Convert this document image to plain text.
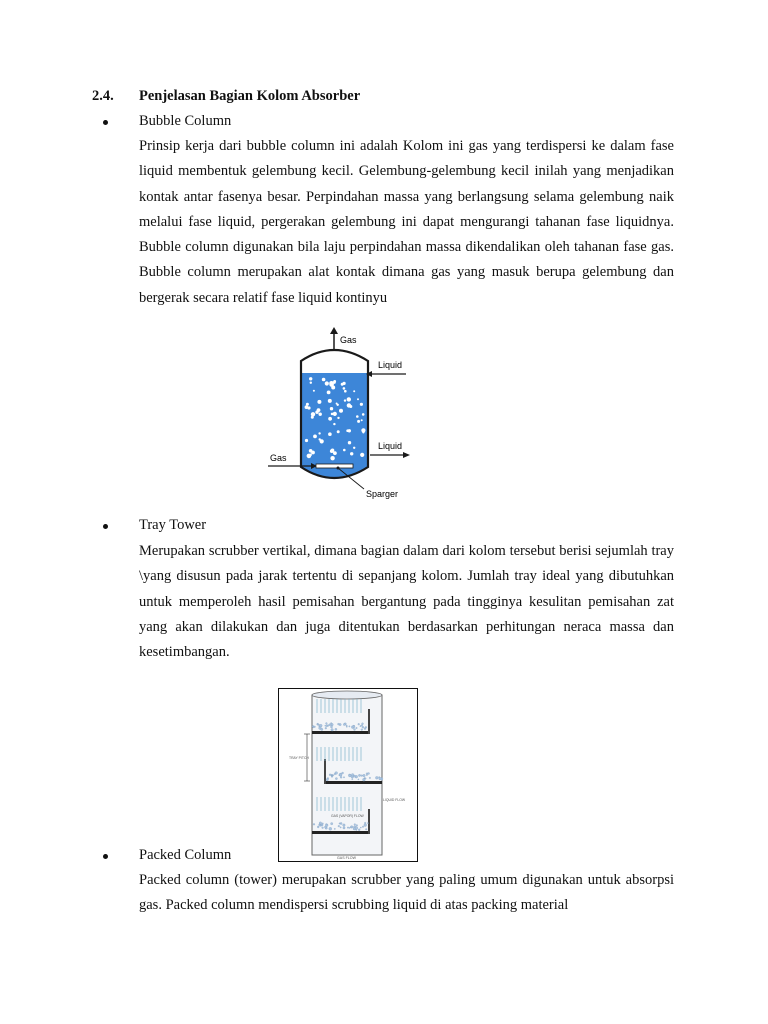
2.4. Penjelasan Bagian Kolom Absorber
Bubble Column
Prinsip kerja dari bubble column ini adalah Kolom ini gas yang terdispersi ke dalam fase liquid membentuk gelembung kecil. Gelembung-gelembung kecil inilah yang menjadikan kontak antar fasenya besar. Perpindahan massa yang berlangsung selama gelembung naik melalui fase liquid, pergerakan gelembung ini dapat mengurangi tahanan fase liquidnya. Bubble column digunakan bila laju perpindahan massa dikendalikan oleh tahanan fase gas. Bubble column merupakan alat kontak dimana gas yang masuk berupa gelembung dan bergerak secara relatif fase liquid kontinyu
Gas
Liquid
Liquid
Gas
Sparger
Tray Tower
Merupakan scrubber vertikal, dimana bagian dalam dari kolom tersebut berisi sejumlah tray \yang disusun pada jarak tertentu di sepanjang kolom. Jumlah tray ideal yang dibutuhkan untuk memperoleh hasil pemisahan bergantung pada tingginya kesulitan pemisahan zat yang akan dilakukan dan juga ditentukan berdasarkan perhitungan neraca massa dan kesetimbangan.
TRAY PITCH
LIQUID FLOW
GAS (VAPOR) FLOW
GAS FLOW
Packed Column
Packed column (tower) merupakan scrubber yang paling umum digunakan untuk absorpsi gas. Packed column mendispersi scrubbing liquid di atas packing material
